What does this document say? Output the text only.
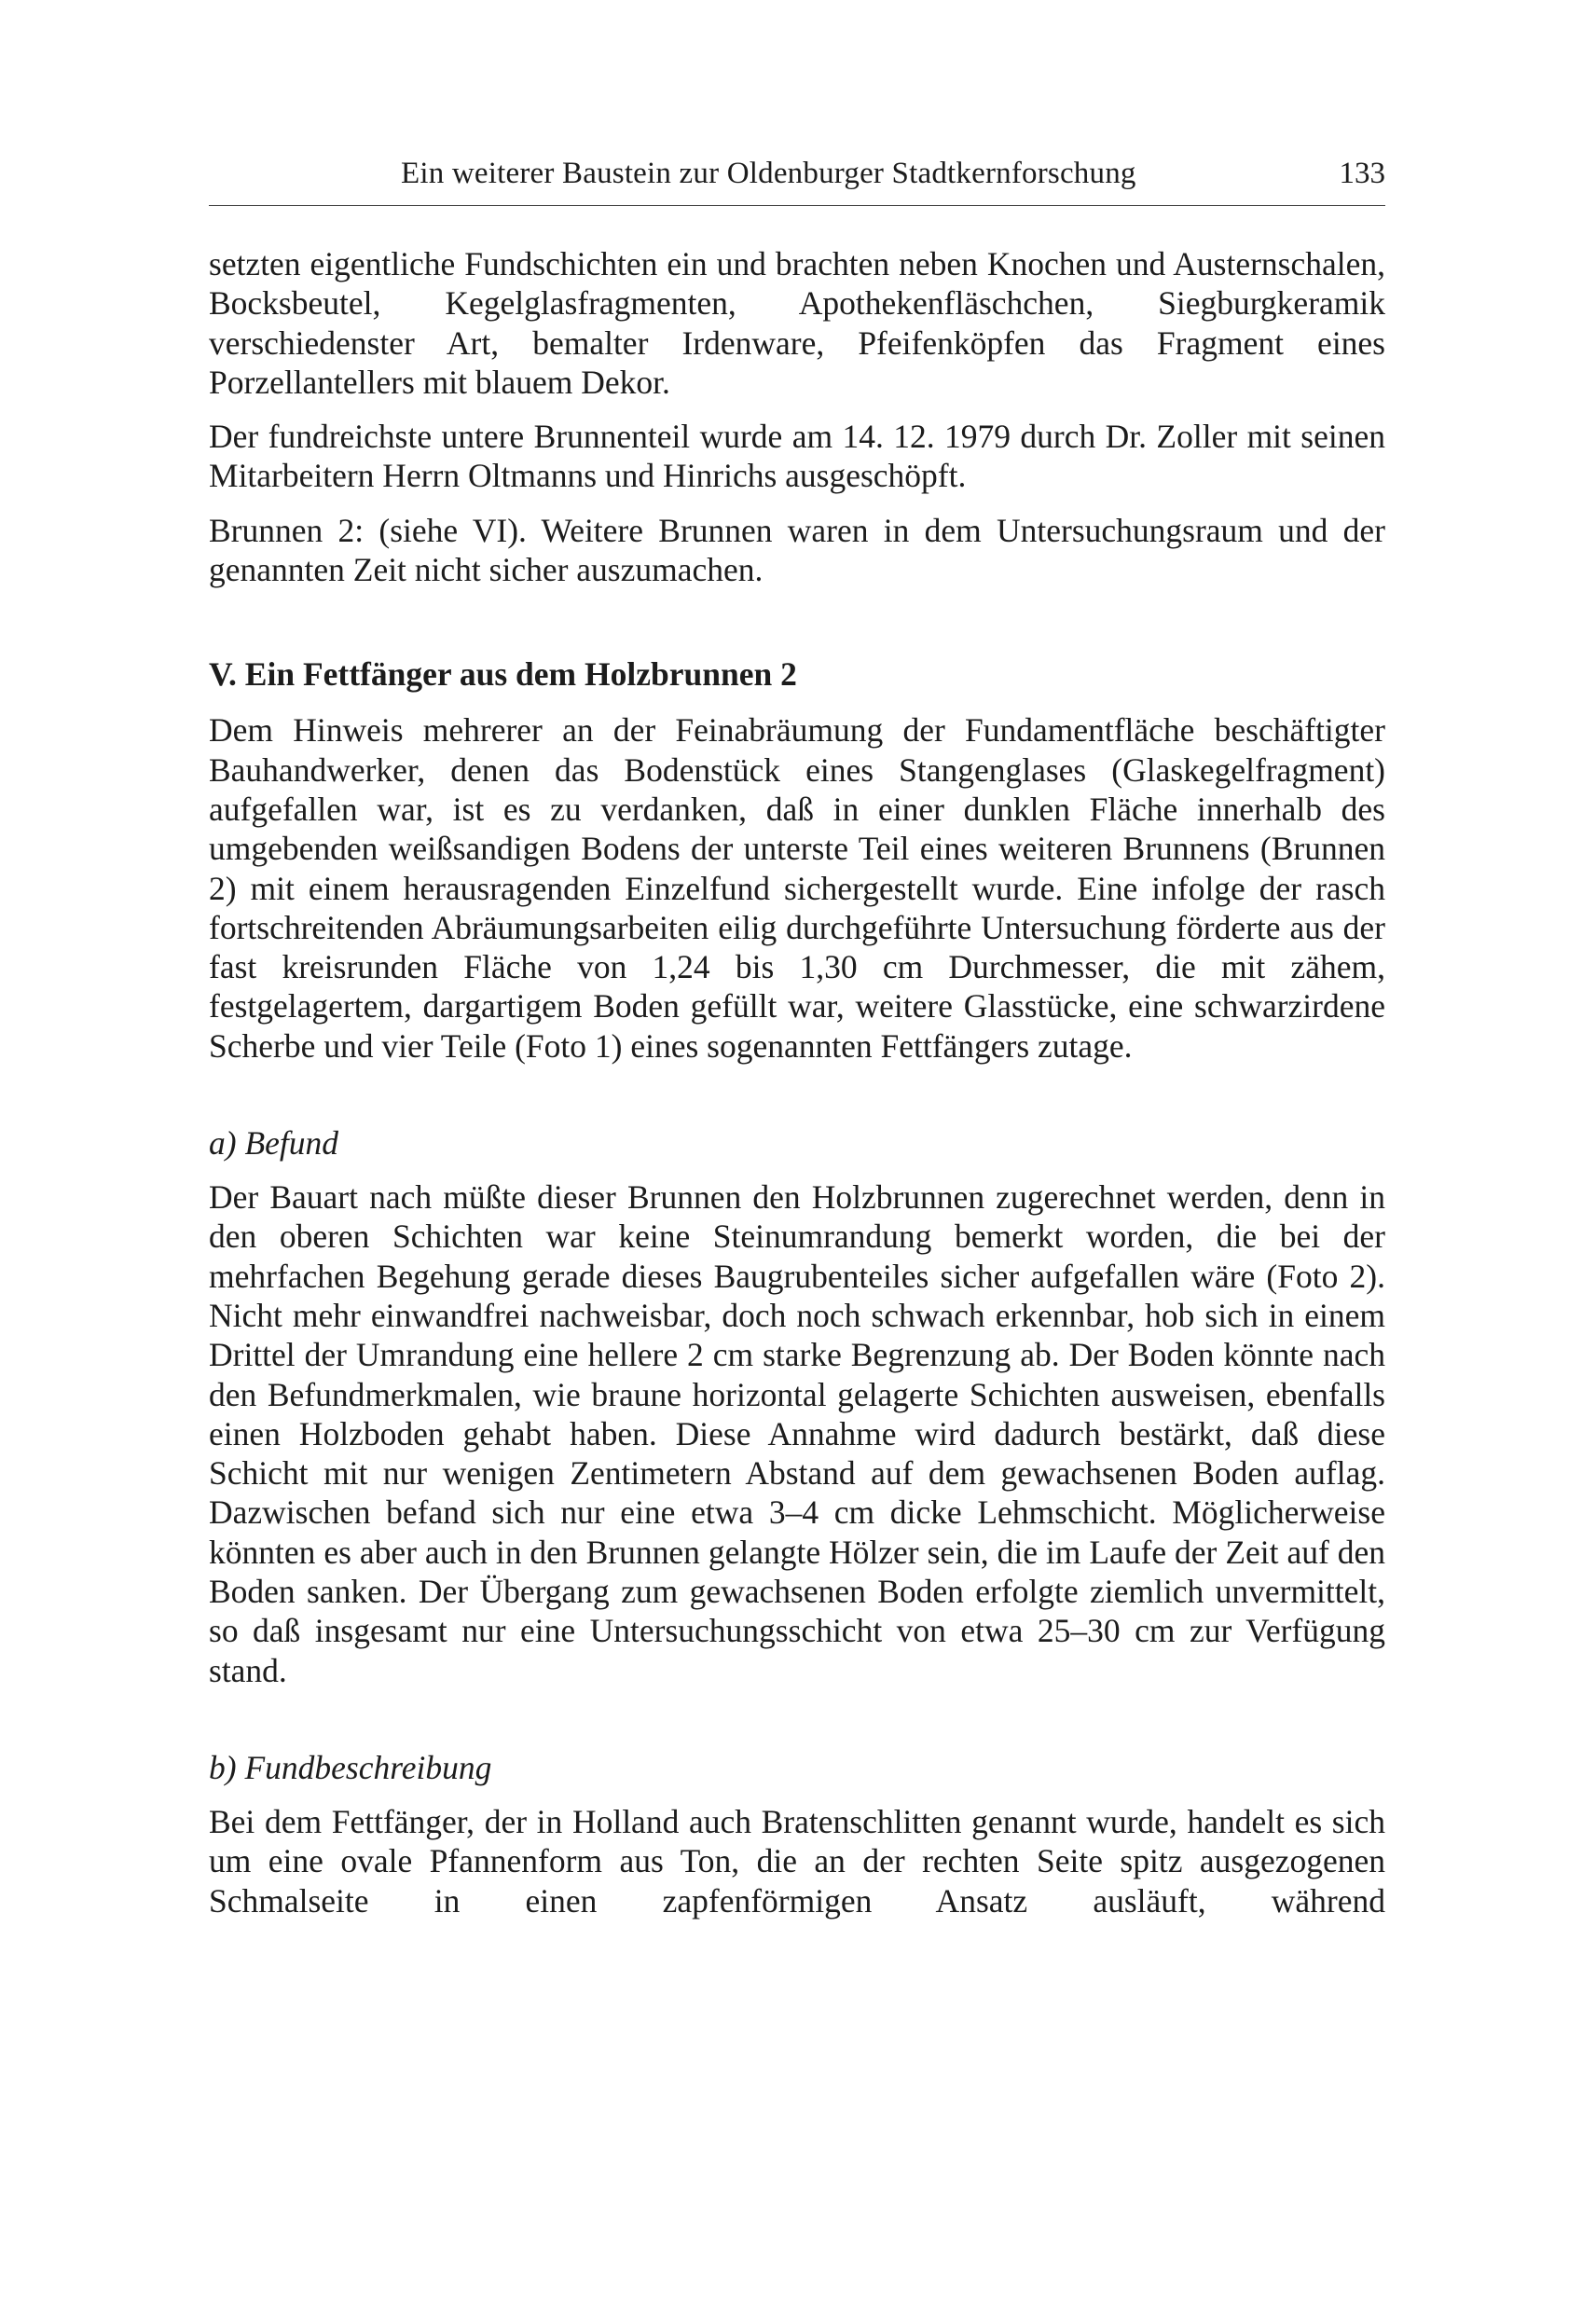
Ein weiterer Baustein zur Oldenburger Stadtkernforschung	133

setzten eigentliche Fundschichten ein und brachten neben Knochen und Austernschalen, Bocksbeutel, Kegelglasfragmenten, Apothekenfläschchen, Siegburgkeramik verschiedenster Art, bemalter Irdenware, Pfeifenköpfen das Fragment eines Porzellantellers mit blauem Dekor.

Der fundreichste untere Brunnenteil wurde am 14. 12. 1979 durch Dr. Zoller mit seinen Mitarbeitern Herrn Oltmanns und Hinrichs ausgeschöpft.

Brunnen 2: (siehe VI). Weitere Brunnen waren in dem Untersuchungsraum und der genannten Zeit nicht sicher auszumachen.

V. Ein Fettfänger aus dem Holzbrunnen 2

Dem Hinweis mehrerer an der Feinabräumung der Fundamentfläche beschäftigter Bauhandwerker, denen das Bodenstück eines Stangenglases (Glaskegelfragment) aufgefallen war, ist es zu verdanken, daß in einer dunklen Fläche innerhalb des umgebenden weißsandigen Bodens der unterste Teil eines weiteren Brunnens (Brunnen 2) mit einem herausragenden Einzelfund sichergestellt wurde. Eine infolge der rasch fortschreitenden Abräumungsarbeiten eilig durchgeführte Untersuchung förderte aus der fast kreisrunden Fläche von 1,24 bis 1,30 cm Durchmesser, die mit zähem, festgelagertem, dargartigem Boden gefüllt war, weitere Glasstücke, eine schwarzirdene Scherbe und vier Teile (Foto 1) eines sogenannten Fettfängers zutage.

a) Befund

Der Bauart nach müßte dieser Brunnen den Holzbrunnen zugerechnet werden, denn in den oberen Schichten war keine Steinumrandung bemerkt worden, die bei der mehrfachen Begehung gerade dieses Baugrubenteiles sicher aufgefallen wäre (Foto 2). Nicht mehr einwandfrei nachweisbar, doch noch schwach erkennbar, hob sich in einem Drittel der Umrandung eine hellere 2 cm starke Begrenzung ab. Der Boden könnte nach den Befundmerkmalen, wie braune horizontal gelagerte Schichten ausweisen, ebenfalls einen Holzboden gehabt haben. Diese Annahme wird dadurch bestärkt, daß diese Schicht mit nur wenigen Zentimetern Abstand auf dem gewachsenen Boden auflag. Dazwischen befand sich nur eine etwa 3–4 cm dicke Lehmschicht. Möglicherweise könnten es aber auch in den Brunnen gelangte Hölzer sein, die im Laufe der Zeit auf den Boden sanken. Der Übergang zum gewachsenen Boden erfolgte ziemlich unvermittelt, so daß insgesamt nur eine Untersuchungsschicht von etwa 25–30 cm zur Verfügung stand.

b) Fundbeschreibung

Bei dem Fettfänger, der in Holland auch Bratenschlitten genannt wurde, handelt es sich um eine ovale Pfannenform aus Ton, die an der rechten Seite spitz ausgezogenen Schmalseite in einen zapfenförmigen Ansatz ausläuft, während
